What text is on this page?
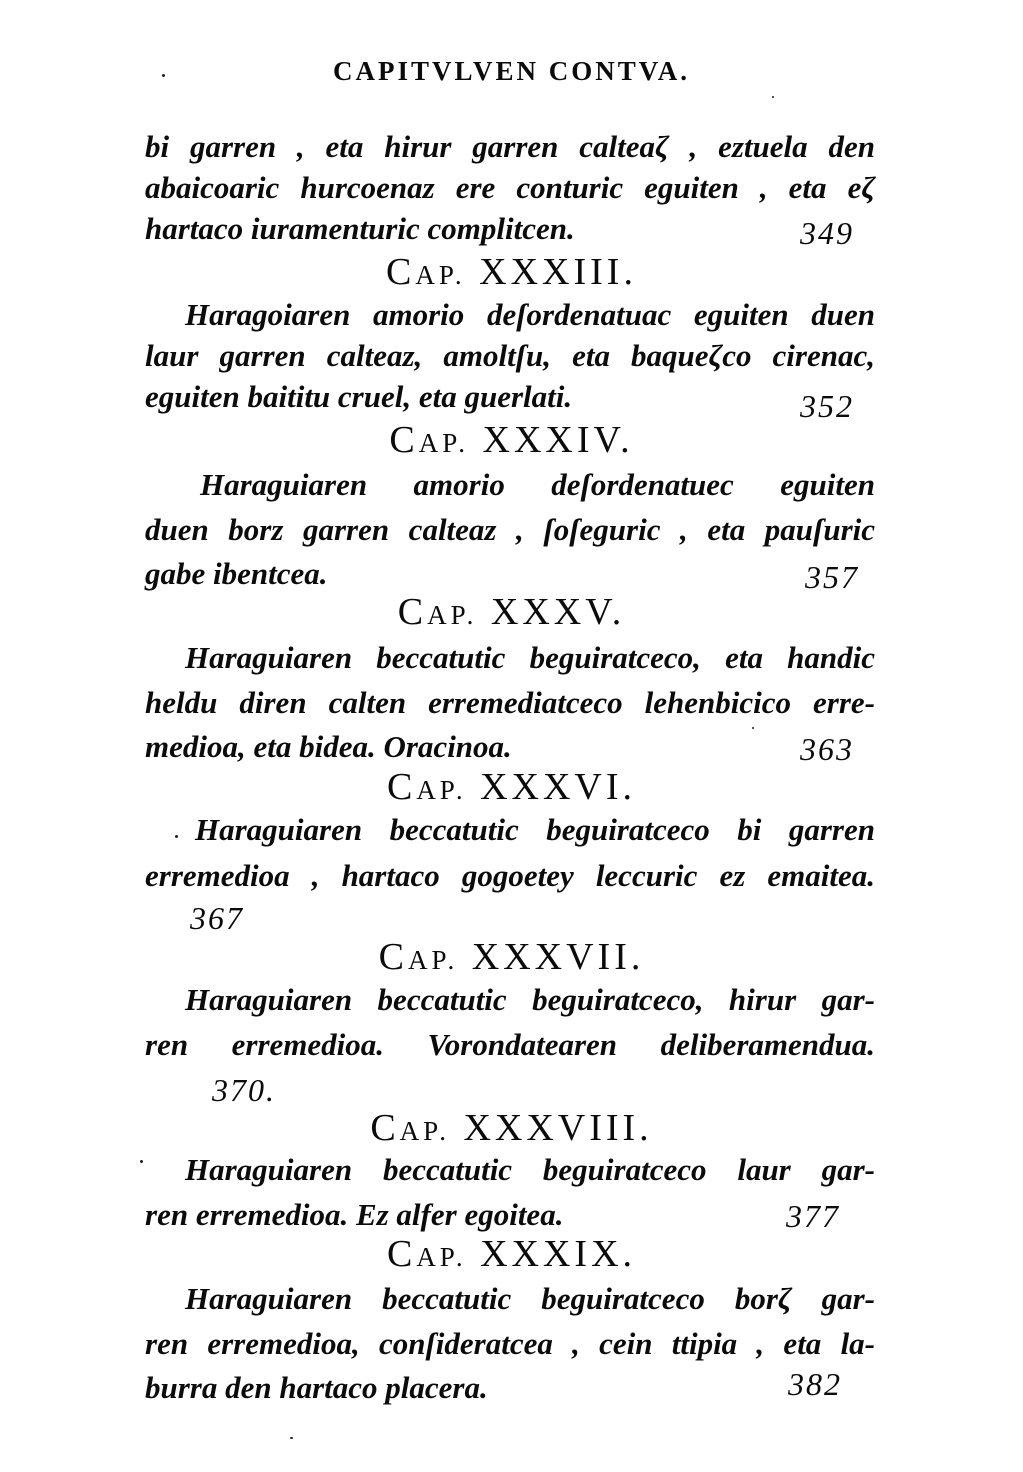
CAPITVLVEN CONTVA.
bi garren , eta hirur garren calteaζ , eztuela den
abaicoaric hurcoenaz ere conturic eguiten , eta eζ
hartaco iuramenturic complitcen.	349
CAP. XXXIII.
Haragoiaren amorio deſordenatuac eguiten duen
laur garren calteaz, amoltſu, eta baqueζco cirenac,
eguiten baititu cruel, eta guerlati.	352
CAP. XXXIV.
Haraguiaren amorio deſordenatuec eguiten
duen borz garren calteaz , ſoſeguric , eta pauſuric
gabe ibentcea.	357
CAP. XXXV.
Haraguiaren beccatutic beguiratceco, eta handic
heldu diren calten erremediatceco lehenbicico erre-
medioa, eta bidea. Oracinoa.	363
CAP. XXXVI.
Haraguiaren beccatutic beguiratceco bi garren
erremedioa , hartaco gogoetey leccuric ez emaitea.
367
CAP. XXXVII.
Haraguiaren beccatutic beguiratceco, hirur gar-
ren erremedioa. Vorondatearen deliberamendua.
370.
CAP. XXXVIII.
Haraguiaren beccatutic beguiratceco laur gar-
ren erremedioa. Ez alfer egoitea.	377
CAP. XXXIX.
Haraguiaren beccatutic beguiratceco borζ gar-
ren erremedioa, conſideratcea , cein ttipia , eta la-
burra den hartaco placera.	382
